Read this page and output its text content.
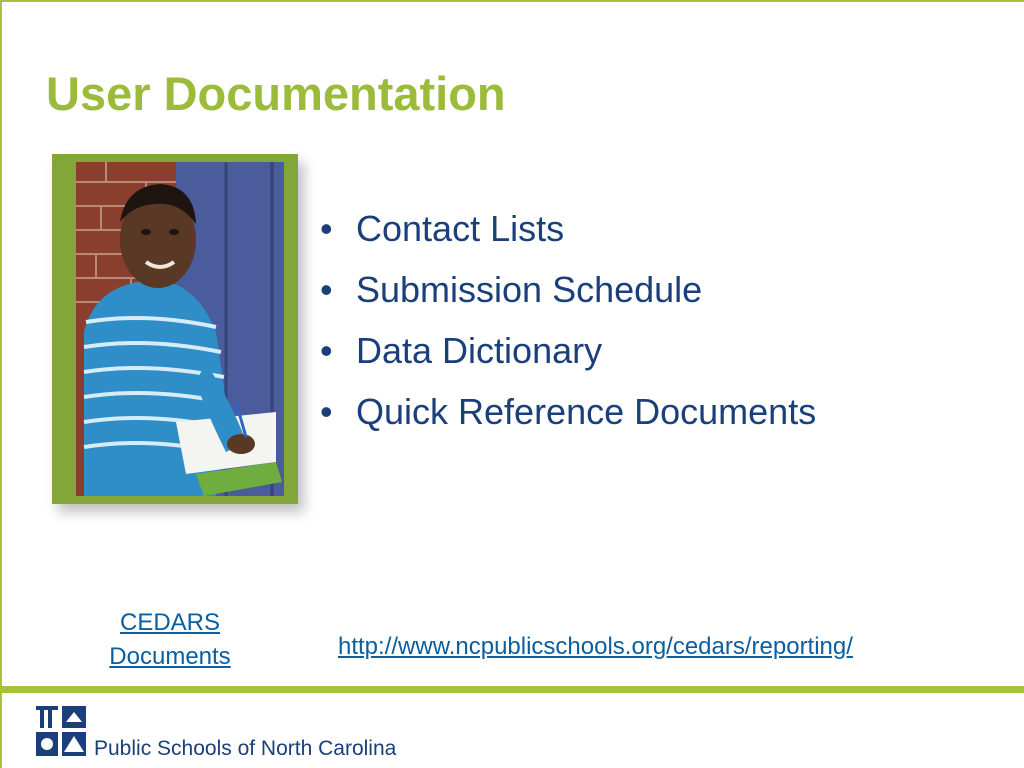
User Documentation
• Contact Lists
• Submission Schedule
• Data Dictionary
• Quick Reference Documents
CEDARS
Documents	http://www.ncpublicschools.org/cedars/reporting/
Public Schools of North Carolina
